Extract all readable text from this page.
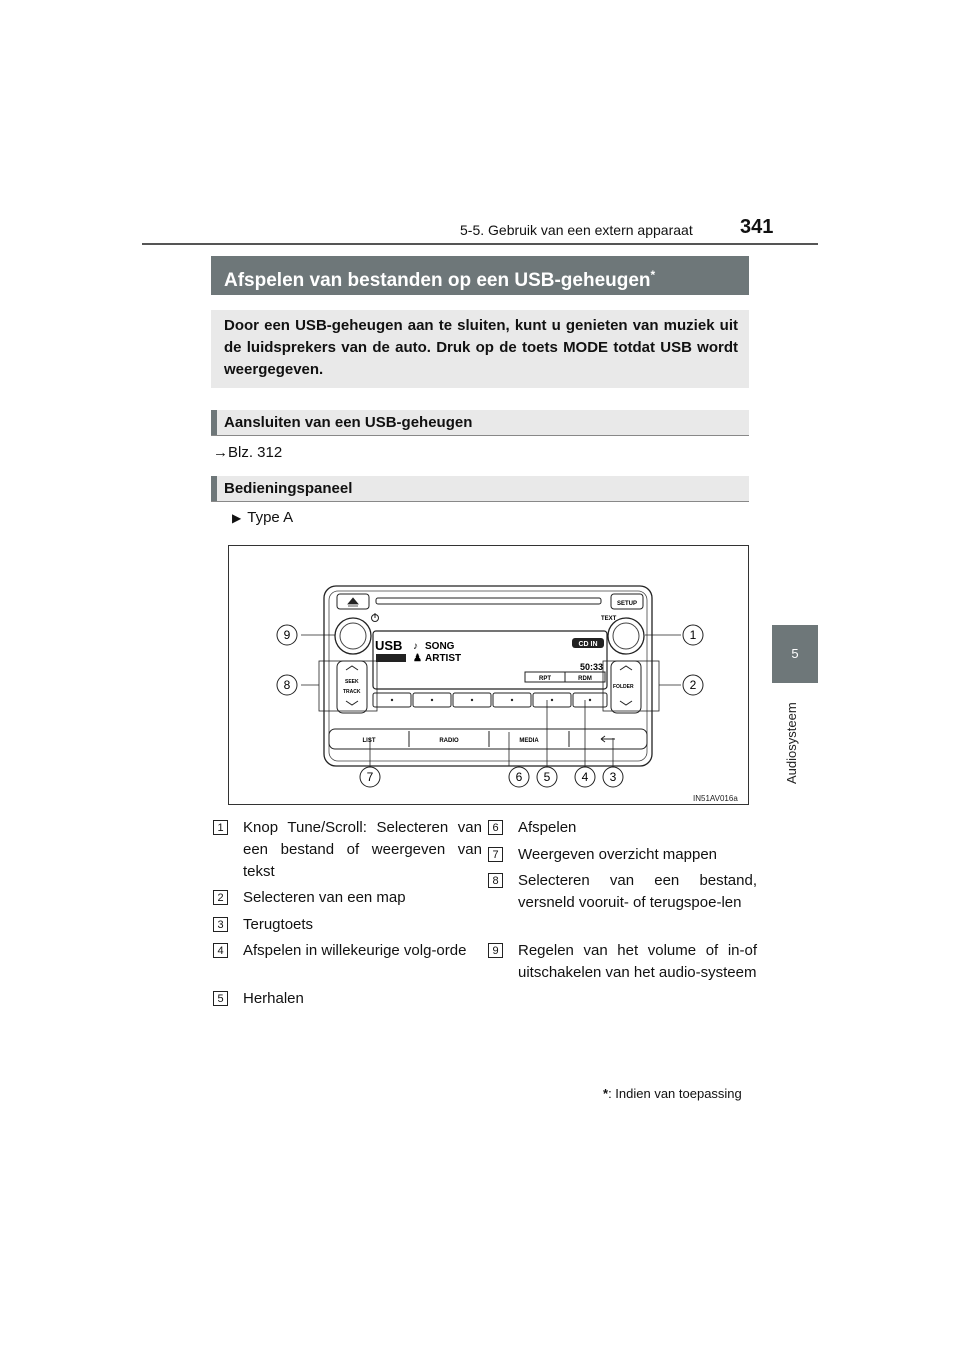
5-5. Gebruik van een extern apparaat 341
5
Audiosysteem
Afspelen van bestanden op een USB-geheugen*

Door een USB-geheugen aan te sluiten, kunt u genieten van muziek uit de luidsprekers van de auto. Druk op de toets MODE totdat USB wordt weergegeven.

Aansluiten van een USB-geheugen
→Blz. 312
Bedieningspaneel
▶ Type A
SETUP
TEXT
USB ♪ SONG
♟ ARTIST
CD IN
50:33
RPT	RDM
SEEK
TRACK
FOLDER
LIST	RADIO	MEDIA
1
2
3
4
5
6
7
8
9
IN51AV016a
1 Knop Tune/Scroll: Selecteren van een bestand of weergeven van tekst
2 Selecteren van een map
3 Terugtoets
4 Afspelen in willekeurige volg-orde
5 Herhalen
6 Afspelen
7 Weergeven overzicht mappen
8 Selecteren van een bestand, versneld vooruit- of terugspoe-len
9 Regelen van het volume of in-of uitschakelen van het audio-systeem
*: Indien van toepassing
